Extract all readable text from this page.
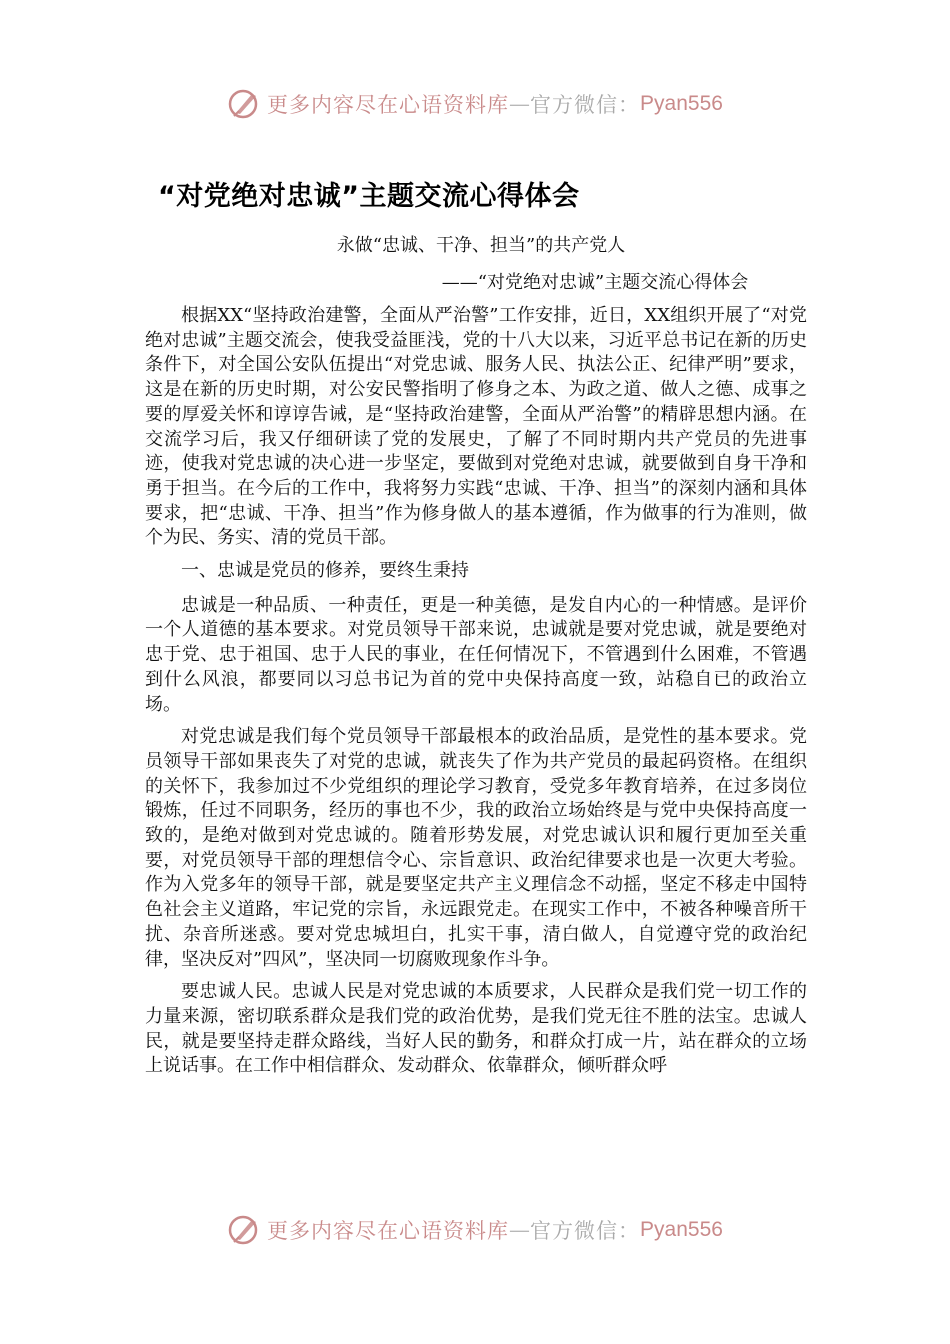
更多内容尽在心语资料库 — 官方微信： Pyan556
“对党绝对忠诚”主题交流心得体会
永做“忠诚、干净、担当”的共产党人
——“对党绝对忠诚”主题交流心得体会

根据XX“坚持政治建警，全面从严治警”工作安排，近日，XX组织开展了“对党绝对忠诚”主题交流会，使我受益匪浅，党的十八大以来，习近平总书记在新的历史条件下，对全国公安队伍提出“对党忠诚、服务人民、执法公正、纪律严明”要求，这是在新的历史时期，对公安民警指明了修身之本、为政之道、做人之德、成事之要的厚爱关怀和谆谆告诫，是“坚持政治建警，全面从严治警”的精辟思想内涵。在交流学习后，我又仔细研读了党的发展史，了解了不同时期内共产党员的先进事迹，使我对党忠诚的决心进一步坚定，要做到对党绝对忠诚，就要做到自身干净和勇于担当。在今后的工作中，我将努力实践“忠诚、干净、担当”的深刻内涵和具体要求，把“忠诚、干净、担当”作为修身做人的基本遵循，作为做事的行为准则，做个为民、务实、清的党员干部。

一、忠诚是党员的修养，要终生秉持

忠诚是一种品质、一种责任，更是一种美德，是发自内心的一种情感。是评价一个人道德的基本要求。对党员领导干部来说，忠诚就是要对党忠诚，就是要绝对忠于党、忠于祖国、忠于人民的事业，在任何情况下，不管遇到什么困难，不管遇到什么风浪，都要同以习总书记为首的党中央保持高度一致，站稳自已的政治立场。

对党忠诚是我们每个党员领导干部最根本的政治品质，是党性的基本要求。党员领导干部如果丧失了对党的忠诚，就丧失了作为共产党员的最起码资格。在组织的关怀下，我参加过不少党组织的理论学习教育，受党多年教育培养，在过多岗位锻炼，任过不同职务，经历的事也不少，我的政治立场始终是与党中央保持高度一致的，是绝对做到对党忠诚的。随着形势发展，对党忠诚认识和履行更加至关重要，对党员领导干部的理想信令心、宗旨意识、政治纪律要求也是一次更大考验。作为入党多年的领导干部，就是要坚定共产主义理信念不动摇，坚定不移走中国特色社会主义道路，牢记党的宗旨，永远跟党走。在现实工作中，不被各种噪音所干扰、杂音所迷惑。要对党忠城坦白，扎实干事，清白做人，自觉遵守党的政治纪律，坚决反对”四风”，坚决同一切腐败现象作斗争。

要忠诚人民。忠诚人民是对党忠诚的本质要求，人民群众是我们党一切工作的力量来源，密切联系群众是我们党的政治优势，是我们党无往不胜的法宝。忠诚人民，就是要坚持走群众路线，当好人民的勤务，和群众打成一片，站在群众的立场上说话事。在工作中相信群众、发动群众、依靠群众，倾听群众呼

更多内容尽在心语资料库 — 官方微信： Pyan556
